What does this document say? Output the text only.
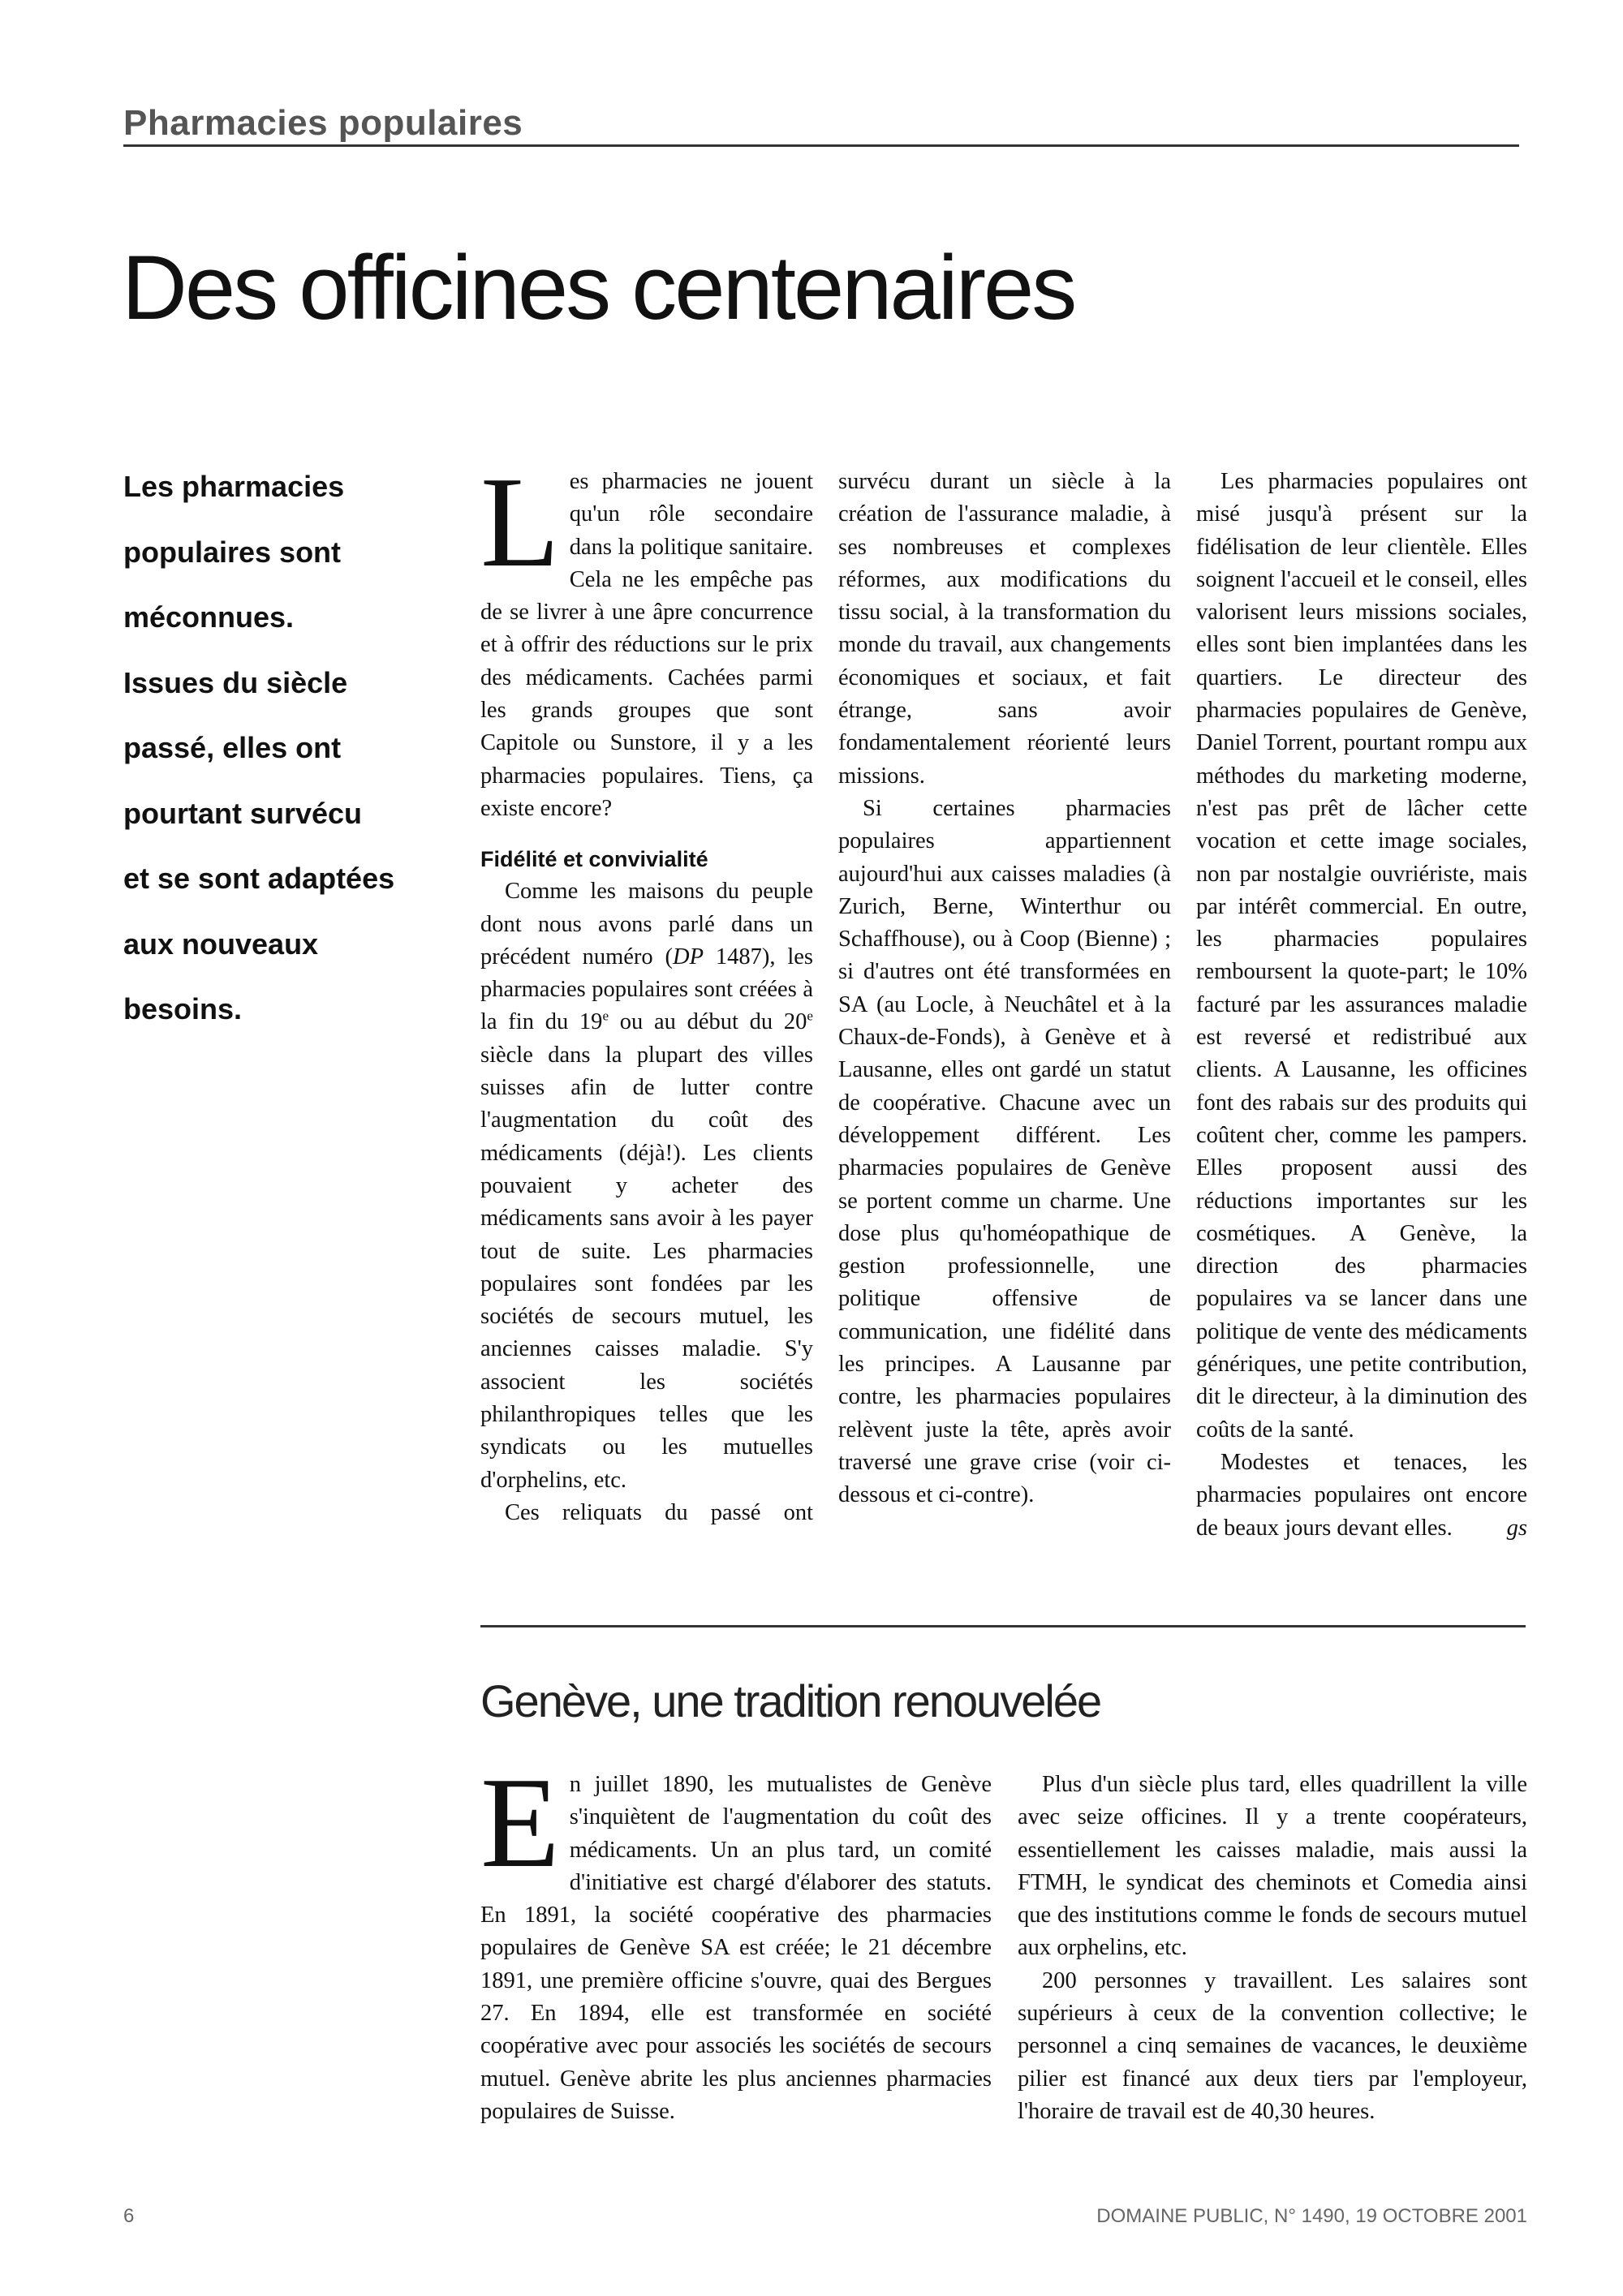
Pharmacies populaires
Des officines centenaires

Les pharmacies

populaires sont

méconnues.

Issues du siècle

passé, elles ont

pourtant survécu

et se sont adaptées

aux nouveaux

besoins.

Les pharmacies ne jouent qu'un rôle secondaire dans la politique sanitaire. Cela ne les empêche pas de se livrer à une âpre concurrence et à offrir des réductions sur le prix des médicaments. Cachées parmi les grands groupes que sont Capitole ou Sunstore, il y a les pharmacies populaires. Tiens, ça existe encore?

Fidélité et convivialité

Comme les maisons du peuple dont nous avons parlé dans un précédent numéro (DP 1487), les pharmacies populaires sont créées à la fin du 19e ou au début du 20e siècle dans la plupart des villes suisses afin de lutter contre l'augmentation du coût des médicaments (déjà!). Les clients pouvaient y acheter des médicaments sans avoir à les payer tout de suite. Les pharmacies populaires sont fondées par les sociétés de secours mutuel, les anciennes caisses maladie. S'y associent les sociétés philanthropiques telles que les syndicats ou les mutuelles d'orphelins, etc.

Ces reliquats du passé ont

survécu durant un siècle à la création de l'assurance maladie, à ses nombreuses et complexes réformes, aux modifications du tissu social, à la transformation du monde du travail, aux changements économiques et sociaux, et fait étrange, sans avoir fondamentalement réorienté leurs missions.

Si certaines pharmacies populaires appartiennent aujourd'hui aux caisses maladies (à Zurich, Berne, Winterthur ou Schaffhouse), ou à Coop (Bienne) ; si d'autres ont été transformées en SA (au Locle, à Neuchâtel et à la Chaux-de-Fonds), à Genève et à Lausanne, elles ont gardé un statut de coopérative. Chacune avec un développement différent. Les pharmacies populaires de Genève se portent comme un charme. Une dose plus qu'homéopathique de gestion professionnelle, une politique offensive de communication, une fidélité dans les principes. A Lausanne par contre, les pharmacies populaires relèvent juste la tête, après avoir traversé une grave crise (voir ci-dessous et ci-contre).

Les pharmacies populaires ont misé jusqu'à présent sur la fidélisation de leur clientèle. Elles soignent l'accueil et le conseil, elles valorisent leurs missions sociales, elles sont bien implantées dans les quartiers. Le directeur des pharmacies populaires de Genève, Daniel Torrent, pourtant rompu aux méthodes du marketing moderne, n'est pas prêt de lâcher cette vocation et cette image sociales, non par nostalgie ouvriériste, mais par intérêt commercial. En outre, les pharmacies populaires remboursent la quote-part; le 10% facturé par les assurances maladie est reversé et redistribué aux clients. A Lausanne, les officines font des rabais sur des produits qui coûtent cher, comme les pampers. Elles proposent aussi des réductions importantes sur les cosmétiques. A Genève, la direction des pharmacies populaires va se lancer dans une politique de vente des médicaments génériques, une petite contribution, dit le directeur, à la diminution des coûts de la santé.

Modestes et tenaces, les pharmacies populaires ont encore de beaux jours devant elles.	gs

Genève, une tradition renouvelée

En juillet 1890, les mutualistes de Genève s'inquiètent de l'augmentation du coût des médicaments. Un an plus tard, un comité d'initiative est chargé d'élaborer des statuts. En 1891, la société coopérative des pharmacies populaires de Genève SA est créée; le 21 décembre 1891, une première officine s'ouvre, quai des Bergues 27. En 1894, elle est transformée en société coopérative avec pour associés les sociétés de secours mutuel. Genève abrite les plus anciennes pharmacies populaires de Suisse.

Plus d'un siècle plus tard, elles quadrillent la ville avec seize officines. Il y a trente coopérateurs, essentiellement les caisses maladie, mais aussi la FTMH, le syndicat des cheminots et Comedia ainsi que des institutions comme le fonds de secours mutuel aux orphelins, etc.

200 personnes y travaillent. Les salaires sont supérieurs à ceux de la convention collective; le personnel a cinq semaines de vacances, le deuxième pilier est financé aux deux tiers par l'employeur, l'horaire de travail est de 40,30 heures.

6	DOMAINE PUBLIC, N° 1490, 19 OCTOBRE 2001
